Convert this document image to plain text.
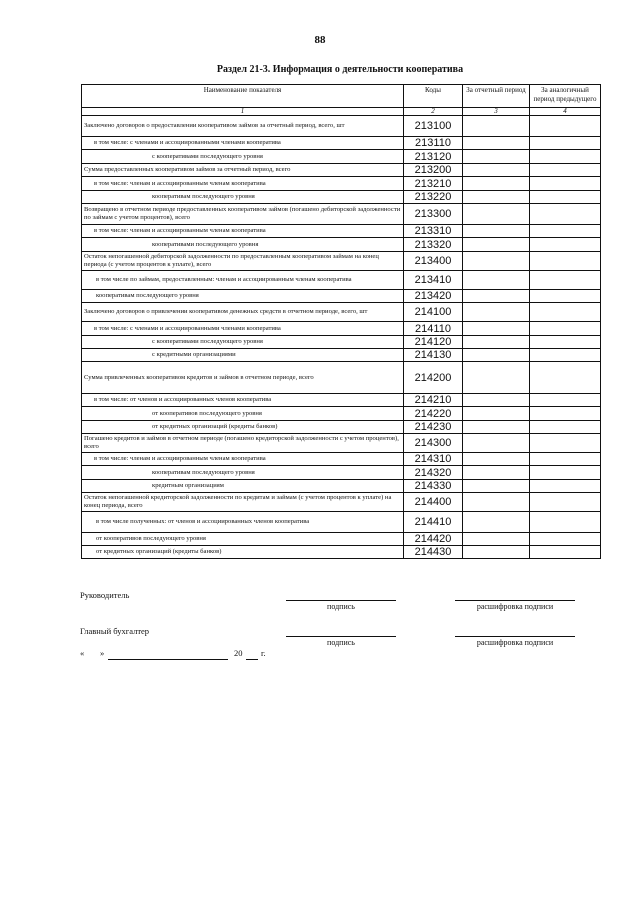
88
Раздел 21-3. Информация о деятельности кооператива
Наименование показателя	Коды	За отчетный период	За аналогичный период предыдущего
1	2	3	4
Заключено договоров о предоставлении кооперативом займов за отчетный период, всего, шт	213100		
в том числе: с членами и ассоциированными членами кооператива	213110		
с кооперативами последующего уровня	213120		
Сумма предоставленных кооперативом займов за отчетный период, всего	213200		
в том числе: членам и ассоциированным членам кооператива	213210		
кооперативам последующего уровня	213220		
Возвращено в отчетном периоде предоставленных кооперативом займов (погашено дебиторской задолженности по займам с учетом процентов), всего	213300		
в том числе: членам и ассоциированным членам кооператива	213310		
кооперативами последующего уровня	213320		
Остаток непогашенной дебиторской задолженности по предоставленным кооперативом займам на конец периода (с учетом процентов к уплате), всего	213400		
в том числе по займам, предоставленным: членам и ассоциированным членам кооператива	213410		
кооперативам последующего уровня	213420		
Заключено договоров о привлечении кооперативом денежных средств в отчетном периоде, всего, шт	214100		
в том числе: с членами и ассоциированными членами кооператива	214110		
с кооперативами последующего уровня	214120		
с кредитными организациями	214130		
Сумма привлеченных кооперативом кредитов и займов в отчетном периоде, всего	214200		
в том числе: от членов и ассоциированных членов кооператива	214210		
от кооперативов последующего уровня	214220		
от кредитных организаций (кредиты банков)	214230		
Погашено кредитов и займов в отчетном периоде (погашено кредиторской задолженности с учетом процентов), всего	214300		
в том числе: членам и ассоциированным членам кооператива	214310		
кооперативам последующего уровня	214320		
кредитным организациям	214330		
Остаток непогашенной кредиторской задолженности по кредитам и займам (с учетом процентов к уплате) на конец периода, всего	214400		
в том числе полученных: от членов и ассоциированных членов кооператива	214410		
от кооперативов последующего уровня	214420		
от кредитных организаций (кредиты банков)	214430		
Руководитель
подпись	расшифровка подписи
Главный бухгалтер
подпись	расшифровка подписи
« »	20 г.
